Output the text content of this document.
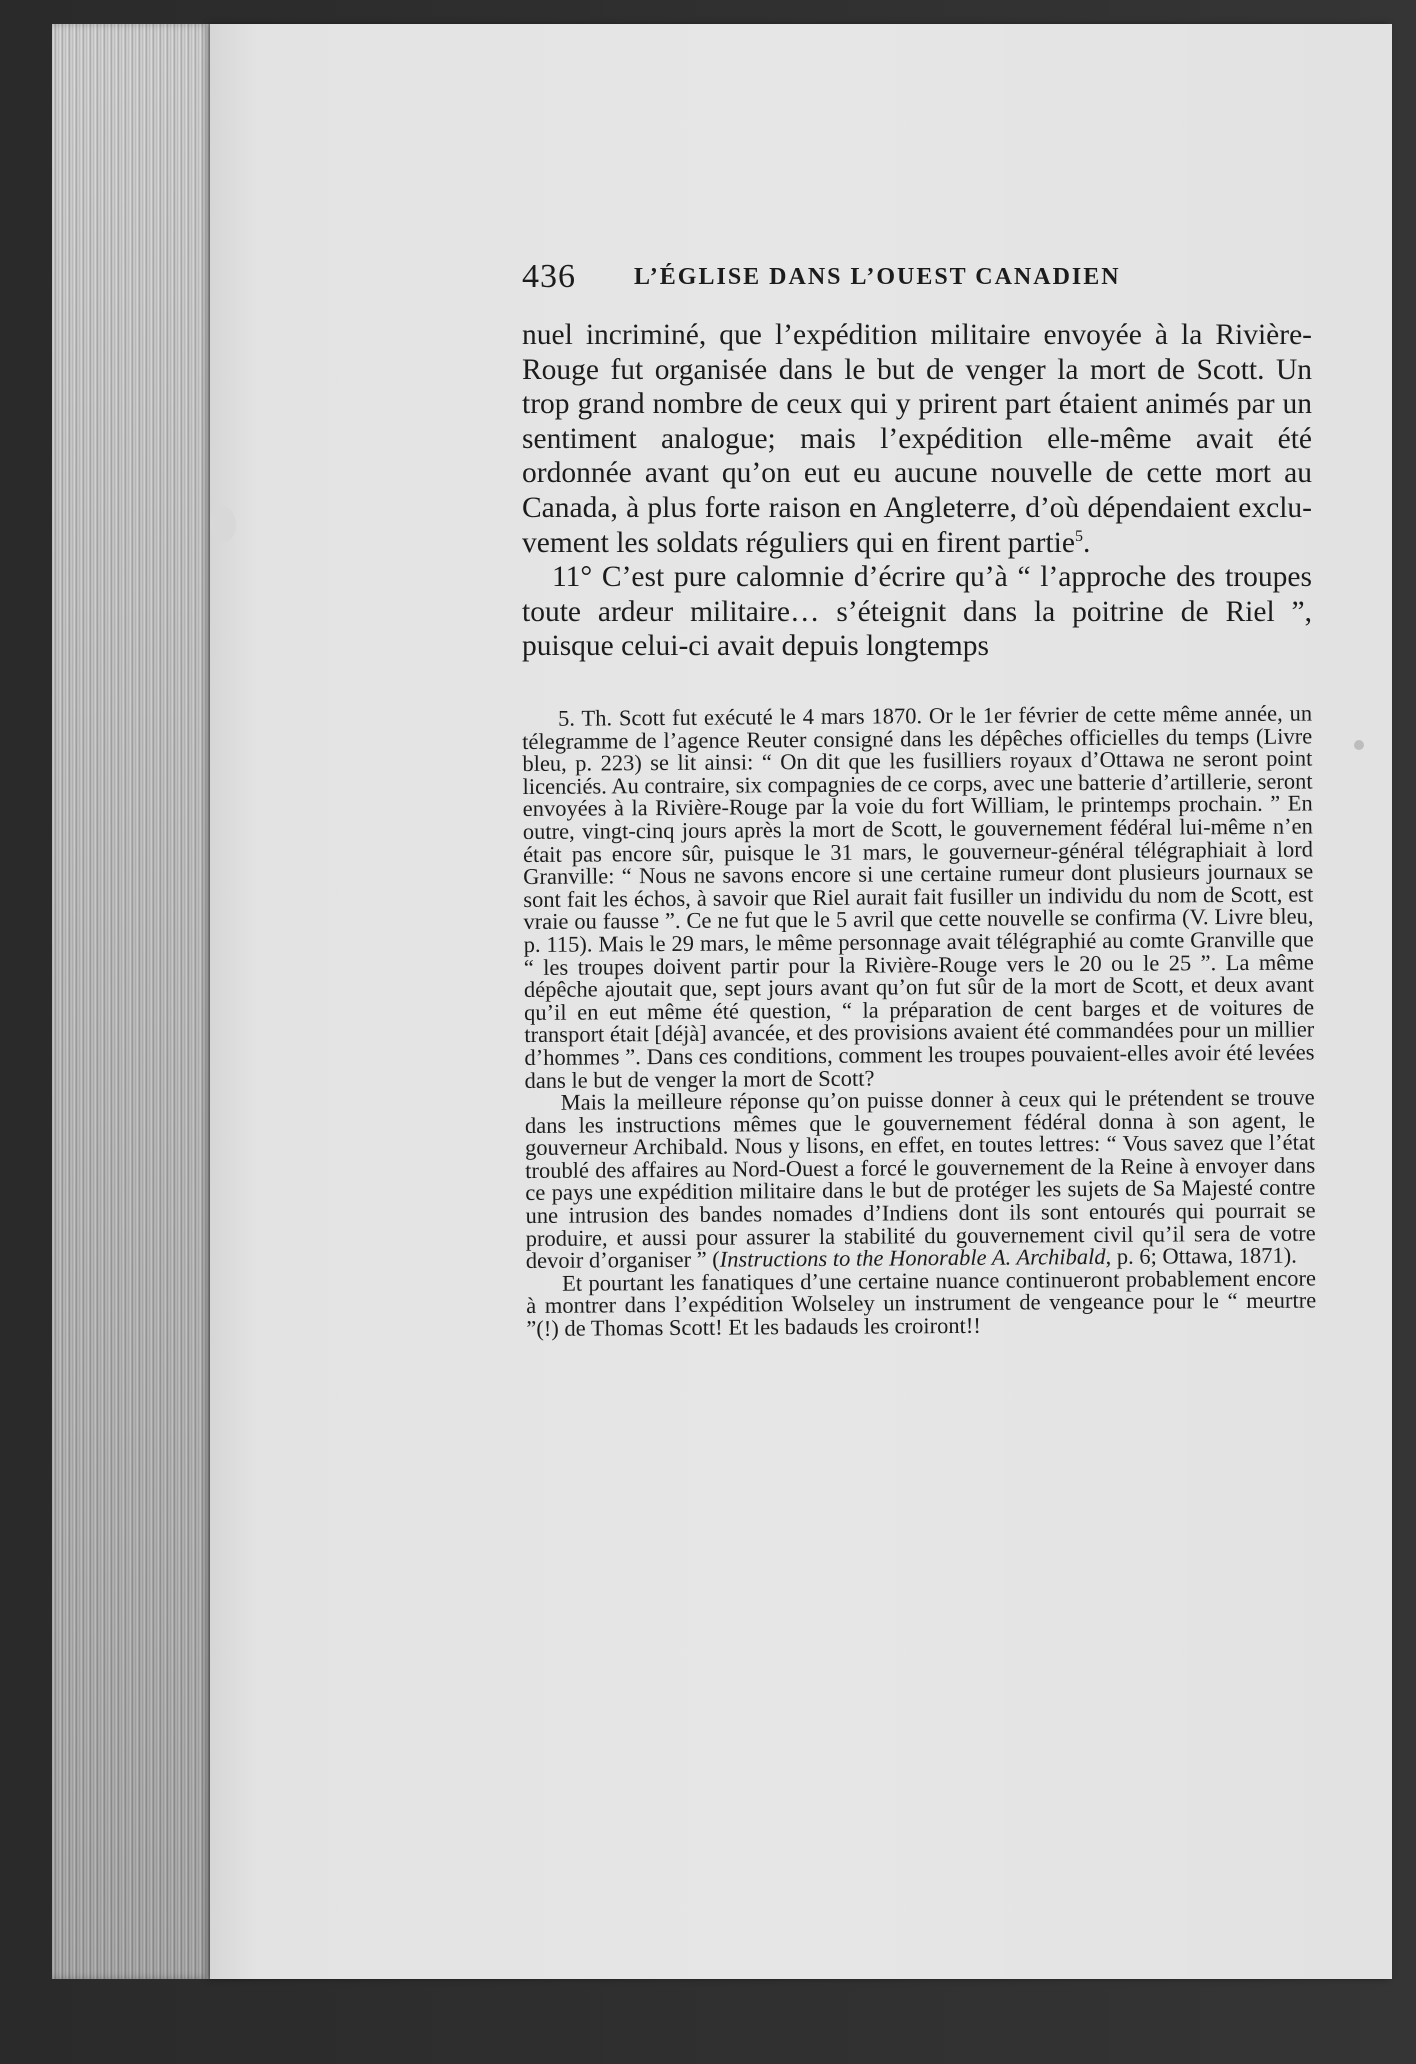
436 L’ÉGLISE DANS L’OUEST CANADIEN

nuel incriminé, que l’expédition militaire envoyée à la Rivière-Rouge fut organisée dans le but de venger la mort de Scott. Un trop grand nombre de ceux qui y prirent part étaient animés par un sentiment analogue; mais l’expédition elle-même avait été ordonnée avant qu’on eut eu aucune nouvelle de cette mort au Canada, à plus forte raison en Angleterre, d’où dépendaient excluvement les soldats réguliers qui en firent partie$^5$.

11° C’est pure calomnie d’écrire qu’à “ l’approche des troupes toute ardeur militaire… s’éteignit dans la poitrine de Riel ”, puisque celui-ci avait depuis longtemps

5. Th. Scott fut exécuté le 4 mars 1870. Or le 1er février de cette même année, un télegramme de l’agence Reuter consigné dans les dépêches officielles du temps (Livre bleu, p. 223) se lit ainsi: “ On dit que les fusilliers royaux d’Ottawa ne seront point licenciés. Au contraire, six compagnies de ce corps, avec une batterie d’artillerie, seront envoyées à la Rivière-Rouge par la voie du fort William, le printemps prochain. ” En outre, vingt-cinq jours après la mort de Scott, le gouvernement fédéral lui-même n’en était pas encore sûr, puisque le 31 mars, le gouverneur-général télégraphiait à lord Granville: “ Nous ne savons encore si une certaine rumeur dont plusieurs journaux se sont fait les échos, à savoir que Riel aurait fait fusiller un individu du nom de Scott, est vraie ou fausse ”. Ce ne fut que le 5 avril que cette nouvelle se confirma (V. Livre bleu, p. 115). Mais le 29 mars, le même personnage avait télégraphié au comte Granville que “ les troupes doivent partir pour la Rivière-Rouge vers le 20 ou le 25 ”. La même dépêche ajoutait que, sept jours avant qu’on fut sûr de la mort de Scott, et deux avant qu’il en eut même été question, “ la préparation de cent barges et de voitures de transport était [déjà] avancée, et des provisions avaient été commandées pour un millier d’hommes ”. Dans ces conditions, comment les troupes pouvaient-elles avoir été levées dans le but de venger la mort de Scott?

Mais la meilleure réponse qu’on puisse donner à ceux qui le prétendent se trouve dans les instructions mêmes que le gouvernement fédéral donna à son agent, le gouverneur Archibald. Nous y lisons, en effet, en toutes lettres: “ Vous savez que l’état troublé des affaires au Nord-Ouest a forcé le gouvernement de la Reine à envoyer dans ce pays une expédition militaire dans le but de protéger les sujets de Sa Majesté contre une intrusion des bandes nomades d’Indiens dont ils sont entourés qui pourrait se produire, et aussi pour assurer la stabilité du gouvernement civil qu’il sera de votre devoir d’organiser ” (Instructions to the Honorable A. Archibald, p. 6; Ottawa, 1871).

Et pourtant les fanatiques d’une certaine nuance continueront probablement encore à montrer dans l’expédition Wolseley un instrument de vengeance pour le “ meurtre ”(!) de Thomas Scott! Et les badauds les croiront!!
